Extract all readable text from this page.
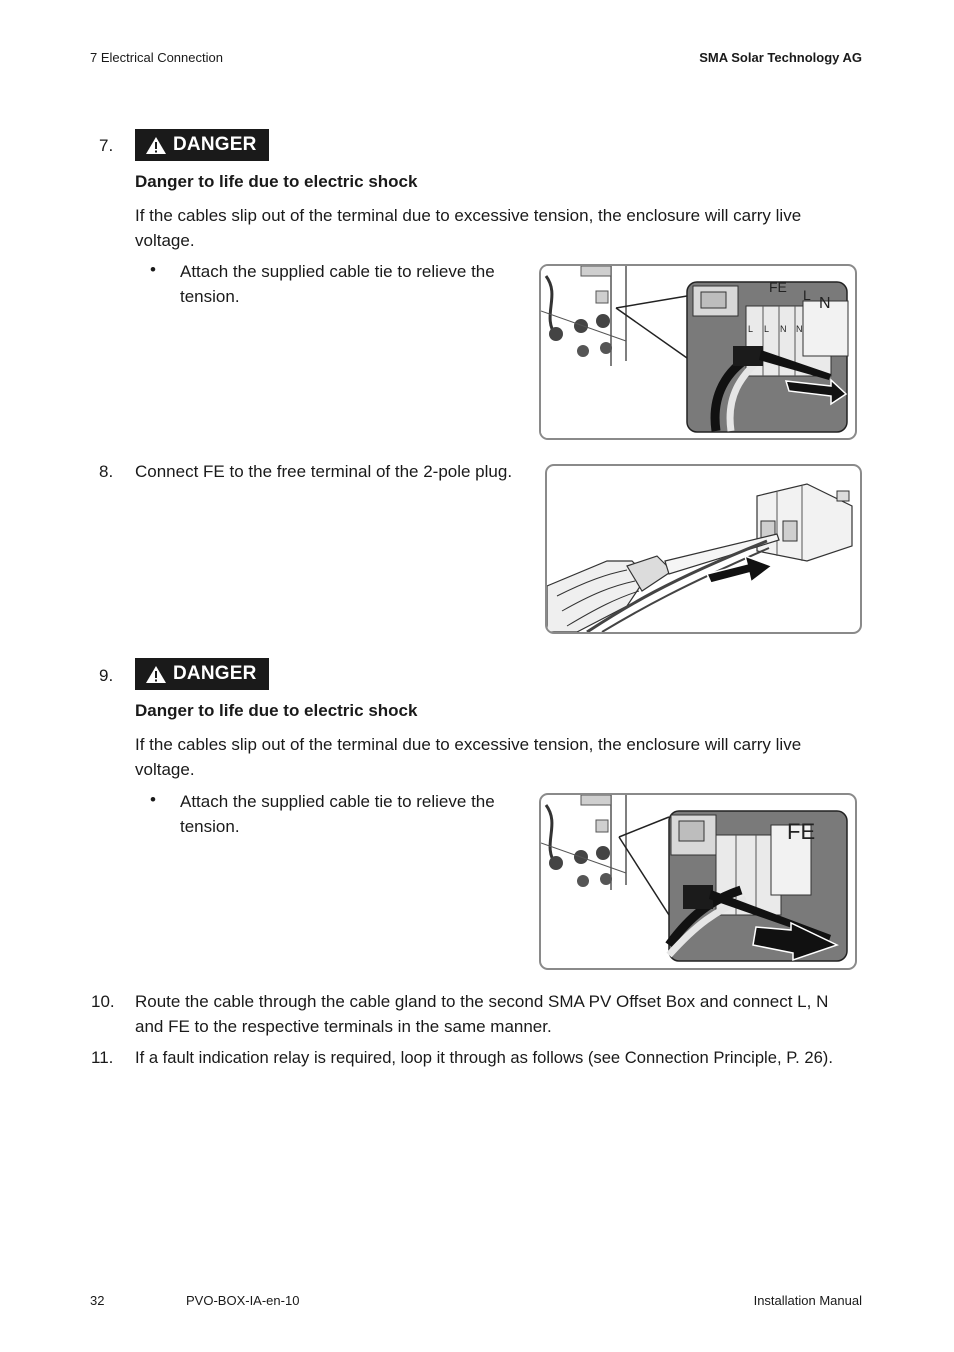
7 Electrical Connection	SMA Solar Technology AG
7.	DANGER
Danger to life due to electric shock
If the cables slip out of the terminal due to excessive tension, the enclosure will carry live
voltage.
• Attach the supplied cable tie to relieve the
tension.	FE L N
L L N N
8. Connect FE to the free terminal of the 2-pole plug.
9.	DANGER
Danger to life due to electric shock
If the cables slip out of the terminal due to excessive tension, the enclosure will carry live
voltage.
• Attach the supplied cable tie to relieve the
tension.	FE
10. Route the cable through the cable gland to the second SMA PV Offset Box and connect L, N
and FE to the respective terminals in the same manner.
11. If a fault indication relay is required, loop it through as follows (see Connection Principle, P. 26).
32	PVO-BOX-IA-en-10	Installation Manual
